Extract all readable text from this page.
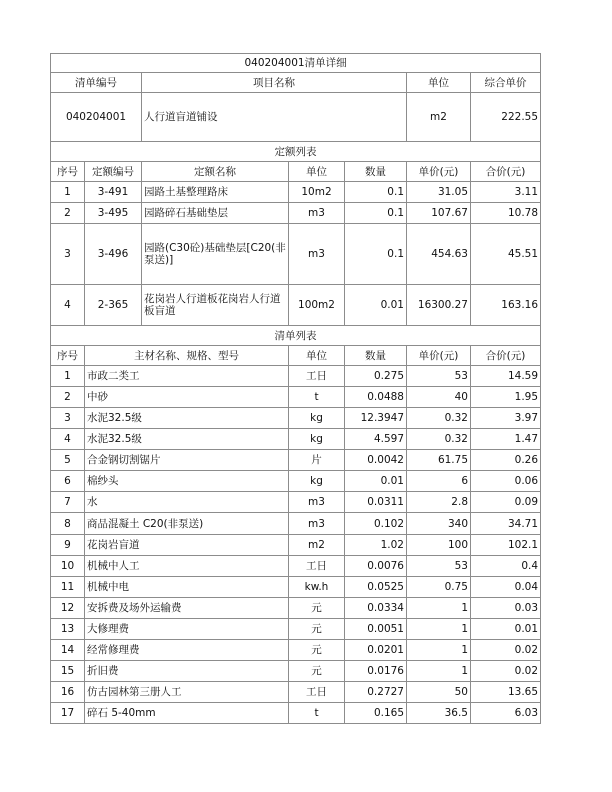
040204001清单详细						
清单编号		项目名称			单位	综合单价
040204001		人行道盲道铺设			m2	222.55
定额列表						
序号	定额编号	定额名称	单位	数量	单价(元)	合价(元)
1	3-491	园路土基整理路床	10m2	0.1	31.05	3.11
2	3-495	园路碎石基础垫层	m3	0.1	107.67	10.78
3	3-496	园路(C30砼)基础垫层[C20(非泵送)]	m3	0.1	454.63	45.51
4	2-365	花岗岩人行道板花岗岩人行道板盲道	100m2	0.01	16300.27	163.16
清单列表						
序号	主材名称、规格、型号		单位	数量	单价(元)	合价(元)
1	市政二类工		工日	0.275	53	14.59
2	中砂		t	0.0488	40	1.95
3	水泥32.5级		kg	12.3947	0.32	3.97
4	水泥32.5级		kg	4.597	0.32	1.47
5	合金钢切割锯片		片	0.0042	61.75	0.26
6	棉纱头		kg	0.01	6	0.06
7	水		m3	0.0311	2.8	0.09
8	商品混凝土 C20(非泵送)		m3	0.102	340	34.71
9	花岗岩盲道		m2	1.02	100	102.1
10	机械中人工		工日	0.0076	53	0.4
11	机械中电		kw.h	0.0525	0.75	0.04
12	安拆费及场外运输费		元	0.0334	1	0.03
13	大修理费		元	0.0051	1	0.01
14	经常修理费		元	0.0201	1	0.02
15	折旧费		元	0.0176	1	0.02
16	仿古园林第三册人工		工日	0.2727	50	13.65
17	碎石 5-40mm		t	0.165	36.5	6.03
